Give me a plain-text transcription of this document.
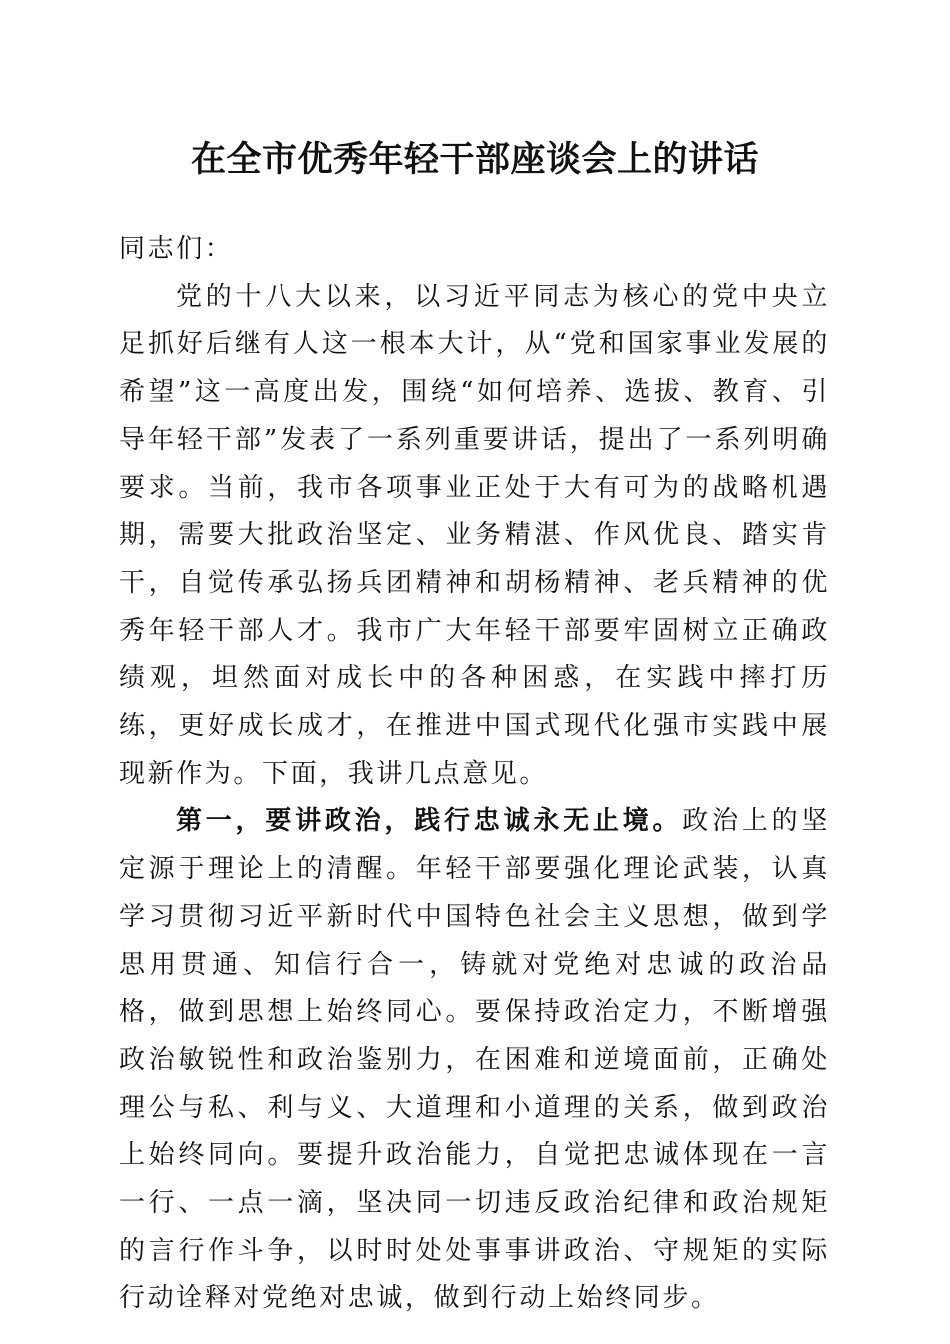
在全市优秀年轻干部座谈会上的讲话

同志们：

党的十八大以来，以习近平同志为核心的党中央立足抓好后继有人这一根本大计，从“党和国家事业发展的希望”这一高度出发，围绕“如何培养、选拔、教育、引导年轻干部”发表了一系列重要讲话，提出了一系列明确要求。当前，我市各项事业正处于大有可为的战略机遇期，需要大批政治坚定、业务精湛、作风优良、踏实肯干，自觉传承弘扬兵团精神和胡杨精神、老兵精神的优秀年轻干部人才。我市广大年轻干部要牢固树立正确政绩观，坦然面对成长中的各种困惑，在实践中摔打历练，更好成长成才，在推进中国式现代化强市实践中展现新作为。下面，我讲几点意见。

第一，要讲政治，践行忠诚永无止境。政治上的坚定源于理论上的清醒。年轻干部要强化理论武装，认真学习贯彻习近平新时代中国特色社会主义思想，做到学思用贯通、知信行合一，铸就对党绝对忠诚的政治品格，做到思想上始终同心。要保持政治定力，不断增强政治敏锐性和政治鉴别力，在困难和逆境面前，正确处理公与私、利与义、大道理和小道理的关系，做到政治上始终同向。要提升政治能力，自觉把忠诚体现在一言一行、一点一滴，坚决同一切违反政治纪律和政治规矩的言行作斗争，以时时处处事事讲政治、守规矩的实际行动诠释对党绝对忠诚，做到行动上始终同步。
